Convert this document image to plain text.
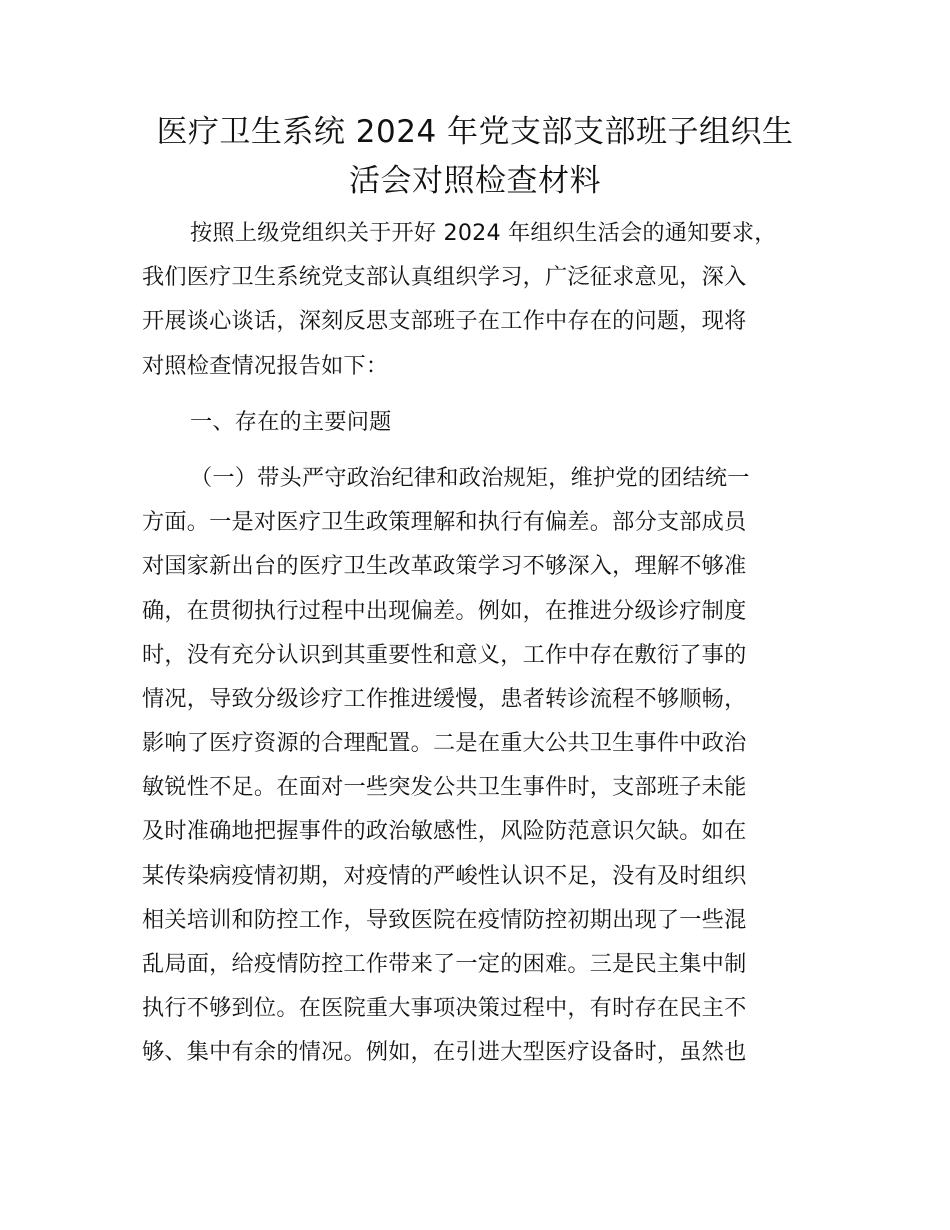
医疗卫生系统 2024 年党支部支部班子组织生
活会对照检查材料
按照上级党组织关于开好 2024 年组织生活会的通知要求，
我们医疗卫生系统党支部认真组织学习，广泛征求意见，深入
开展谈心谈话，深刻反思支部班子在工作中存在的问题，现将
对照检查情况报告如下：
一、存在的主要问题
（一）带头严守政治纪律和政治规矩，维护党的团结统一
方面。一是对医疗卫生政策理解和执行有偏差。部分支部成员
对国家新出台的医疗卫生改革政策学习不够深入，理解不够准
确，在贯彻执行过程中出现偏差。例如，在推进分级诊疗制度
时，没有充分认识到其重要性和意义，工作中存在敷衍了事的
情况，导致分级诊疗工作推进缓慢，患者转诊流程不够顺畅，
影响了医疗资源的合理配置。二是在重大公共卫生事件中政治
敏锐性不足。在面对一些突发公共卫生事件时，支部班子未能
及时准确地把握事件的政治敏感性，风险防范意识欠缺。如在
某传染病疫情初期，对疫情的严峻性认识不足，没有及时组织
相关培训和防控工作，导致医院在疫情防控初期出现了一些混
乱局面，给疫情防控工作带来了一定的困难。三是民主集中制
执行不够到位。在医院重大事项决策过程中，有时存在民主不
够、集中有余的情况。例如，在引进大型医疗设备时，虽然也
